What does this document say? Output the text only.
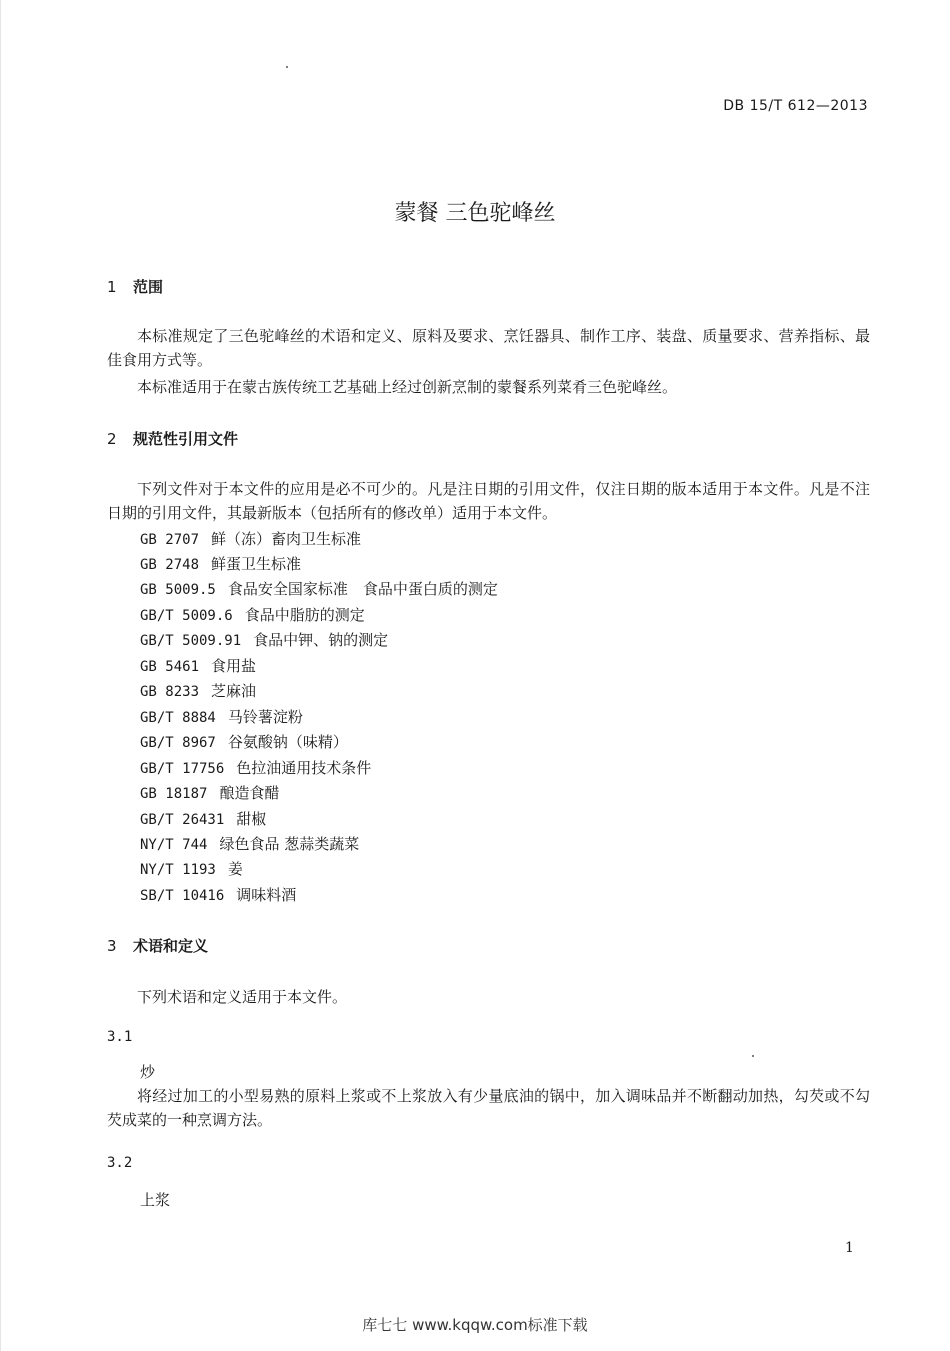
DB 15/T 612—2013
蒙餐 三色驼峰丝
1 范围
本标准规定了三色驼峰丝的术语和定义、原料及要求、烹饪器具、制作工序、装盘、质量要求、营养指标、最佳食用方式等。
本标准适用于在蒙古族传统工艺基础上经过创新烹制的蒙餐系列菜肴三色驼峰丝。
2 规范性引用文件
下列文件对于本文件的应用是必不可少的。凡是注日期的引用文件，仅注日期的版本适用于本文件。凡是不注日期的引用文件，其最新版本（包括所有的修改单）适用于本文件。
GB 2707 鲜（冻）畜肉卫生标准
GB 2748 鲜蛋卫生标准
GB 5009.5 食品安全国家标准　食品中蛋白质的测定
GB/T 5009.6 食品中脂肪的测定
GB/T 5009.91 食品中钾、钠的测定
GB 5461 食用盐
GB 8233 芝麻油
GB/T 8884 马铃薯淀粉
GB/T 8967 谷氨酸钠（味精）
GB/T 17756 色拉油通用技术条件
GB 18187 酿造食醋
GB/T 26431 甜椒
NY/T 744 绿色食品 葱蒜类蔬菜
NY/T 1193 姜
SB/T 10416 调味料酒
3 术语和定义
下列术语和定义适用于本文件。
3.1
炒
将经过加工的小型易熟的原料上浆或不上浆放入有少量底油的锅中，加入调味品并不断翻动加热，勾芡或不勾芡成菜的一种烹调方法。
3.2
上浆
1
库七七 www.kqqw.com标准下载
